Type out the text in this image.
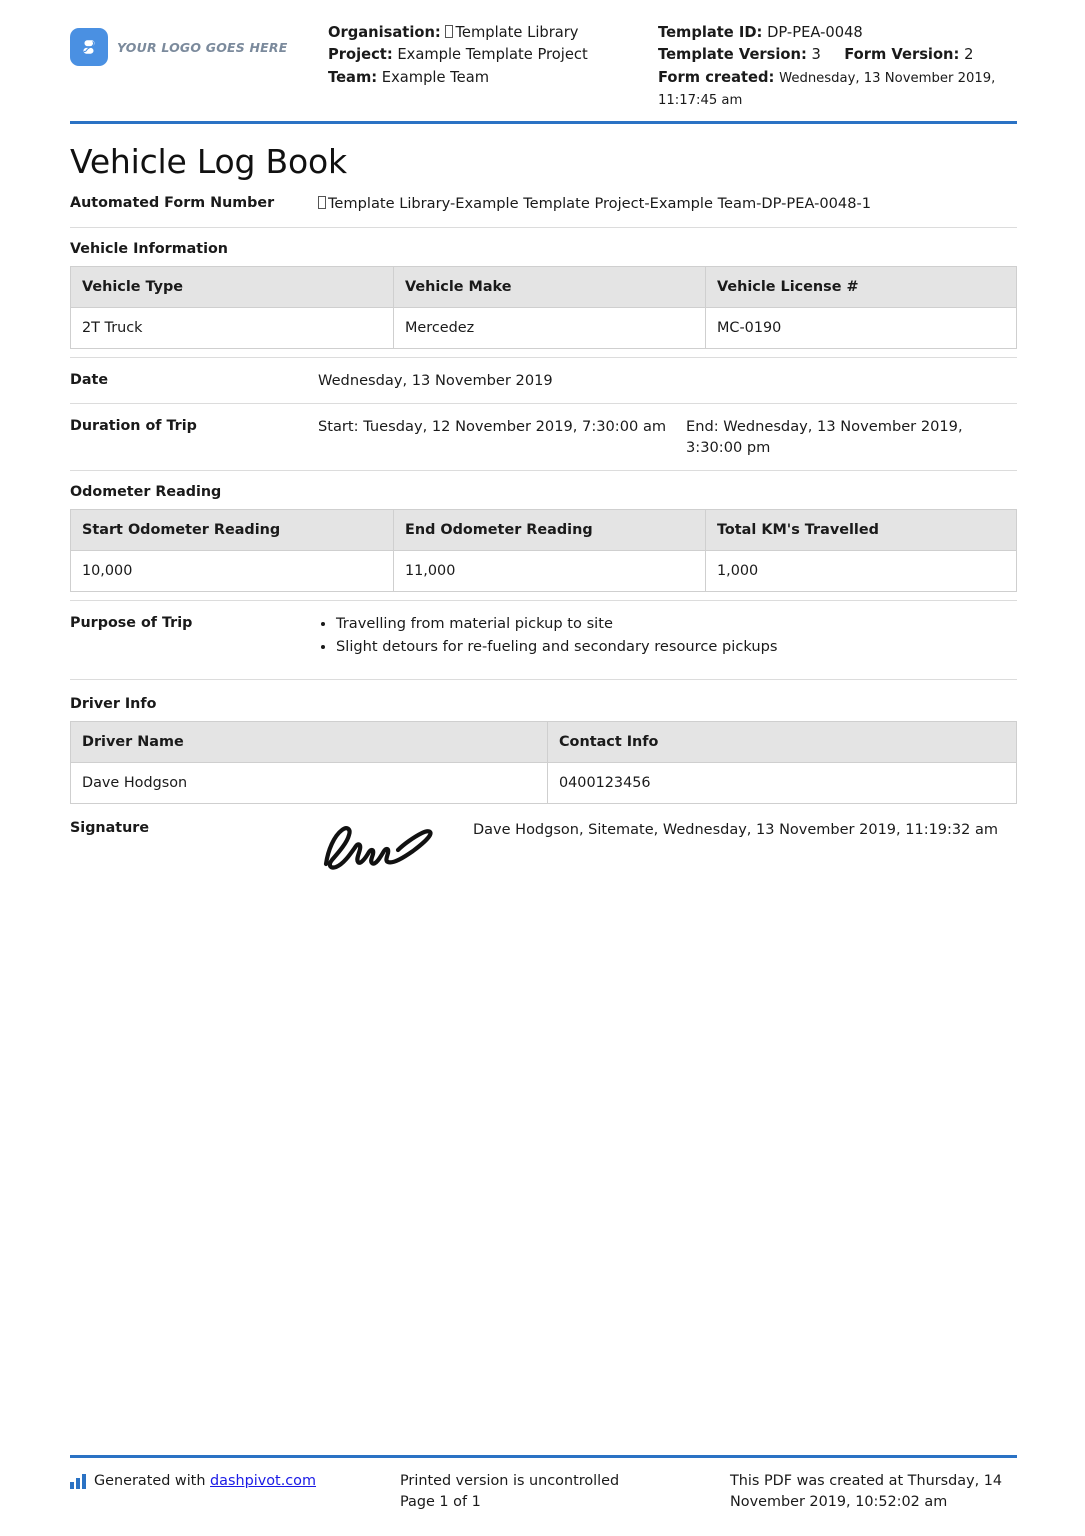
YOUR LOGO GOES HERE
Organisation: Template Library
Project: Example Template Project
Team: Example Team
Template ID: DP-PEA-0048
Template Version: 3 Form Version: 2
Form created: Wednesday, 13 November 2019, 11:17:45 am
Vehicle Log Book
Automated Form Number	Template Library-Example Template Project-Example Team-DP-PEA-0048-1
Vehicle Information
Vehicle Type	Vehicle Make	Vehicle License #
2T Truck	Mercedez	MC-0190
Date	Wednesday, 13 November 2019
Duration of Trip	Start: Tuesday, 12 November 2019, 7:30:00 am	End: Wednesday, 13 November 2019, 3:30:00 pm
Odometer Reading
Start Odometer Reading	End Odometer Reading	Total KM's Travelled
10,000	11,000	1,000
Purpose of Trip	• Travelling from material pickup to site
• Slight detours for re-fueling and secondary resource pickups
Driver Info
Driver Name	Contact Info
Dave Hodgson	0400123456
Signature	Dave Hodgson, Sitemate, Wednesday, 13 November 2019, 11:19:32 am
Generated with dashpivot.com	Printed version is uncontrolled
Page 1 of 1
This PDF was created at Thursday, 14 November 2019, 10:52:02 am
